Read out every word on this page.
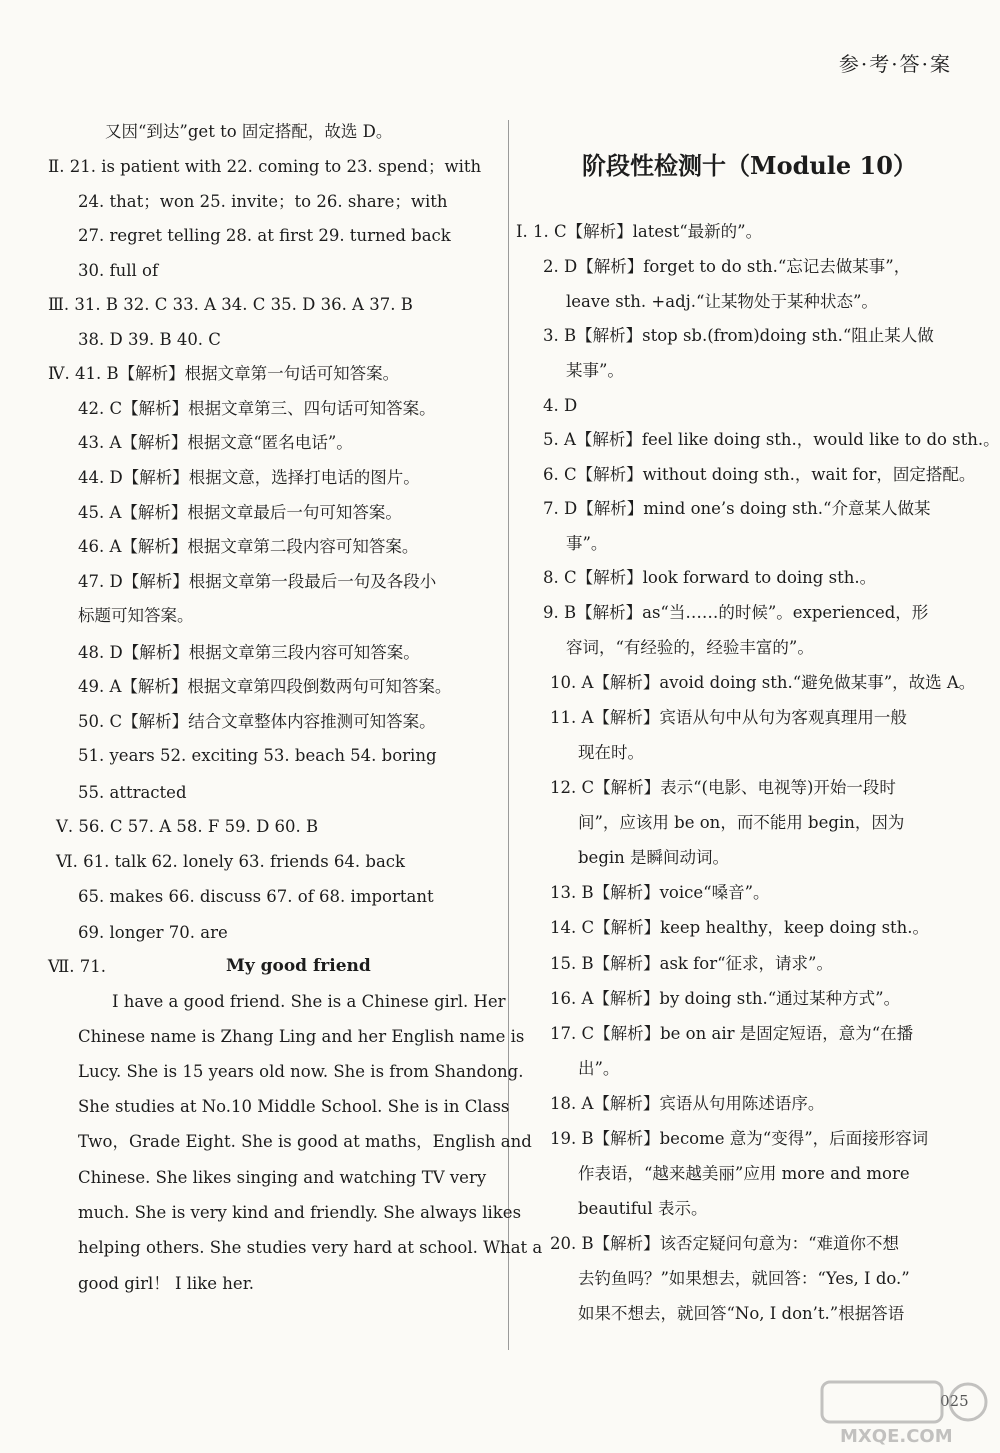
参·考·答·案
又因“到达”get to 固定搭配，故选 D。
Ⅱ. 21. is patient with 22. coming to 23. spend；with
24. that；won 25. invite；to 26. share；with
27. regret telling 28. at first 29. turned back
30. full of
Ⅲ. 31. B 32. C 33. A 34. C 35. D 36. A 37. B
38. D 39. B 40. C
Ⅳ. 41. B【解析】根据文章第一句话可知答案。
42. C【解析】根据文章第三、四句话可知答案。
43. A【解析】根据文意“匿名电话”。
44. D【解析】根据文意，选择打电话的图片。
45. A【解析】根据文章最后一句可知答案。
46. A【解析】根据文章第二段内容可知答案。
47. D【解析】根据文章第一段最后一句及各段小
标题可知答案。
48. D【解析】根据文章第三段内容可知答案。
49. A【解析】根据文章第四段倒数两句可知答案。
50. C【解析】结合文章整体内容推测可知答案。
51. years 52. exciting 53. beach 54. boring
55. attracted
Ⅴ. 56. C 57. A 58. F 59. D 60. B
Ⅵ. 61. talk 62. lonely 63. friends 64. back
65. makes 66. discuss 67. of 68. important
69. longer 70. are
Ⅶ. 71.
I have a good friend. She is a Chinese girl. Her
Chinese name is Zhang Ling and her English name is
Lucy. She is 15 years old now. She is from Shandong.
She studies at No.10 Middle School. She is in Class
Two，Grade Eight. She is good at maths，English and
Chinese. She likes singing and watching TV very
much. She is very kind and friendly. She always likes
helping others. She studies very hard at school. What a
good girl！ I like her.
My good friend
阶段性检测十（Module 10）
Ⅰ. 1. C【解析】latest“最新的”。
2. D【解析】forget to do sth.“忘记去做某事”，
leave sth. +adj.“让某物处于某种状态”。
3. B【解析】stop sb.(from)doing sth.“阻止某人做
某事”。
4. D
5. A【解析】feel like doing sth.，would like to do sth.。
6. C【解析】without doing sth.，wait for，固定搭配。
7. D【解析】mind one’s doing sth.“介意某人做某
事”。
8. C【解析】look forward to doing sth.。
9. B【解析】as“当……的时候”。experienced，形
容词，“有经验的，经验丰富的”。
10. A【解析】avoid doing sth.“避免做某事”，故选 A。
11. A【解析】宾语从句中从句为客观真理用一般
现在时。
12. C【解析】表示“(电影、电视等)开始一段时
间”，应该用 be on，而不能用 begin，因为
begin 是瞬间动词。
13. B【解析】voice“嗓音”。
14. C【解析】keep healthy，keep doing sth.。
15. B【解析】ask for“征求，请求”。
16. A【解析】by doing sth.“通过某种方式”。
17. C【解析】be on air 是固定短语，意为“在播
出”。
18. A【解析】宾语从句用陈述语序。
19. B【解析】become 意为“变得”，后面接形容词
作表语，“越来越美丽”应用 more and more
beautiful 表示。
20. B【解析】该否定疑问句意为：“难道你不想
去钓鱼吗？”如果想去，就回答：“Yes, I do.”
如果不想去，就回答“No, I don’t.”根据答语
025
MXQE.COM
